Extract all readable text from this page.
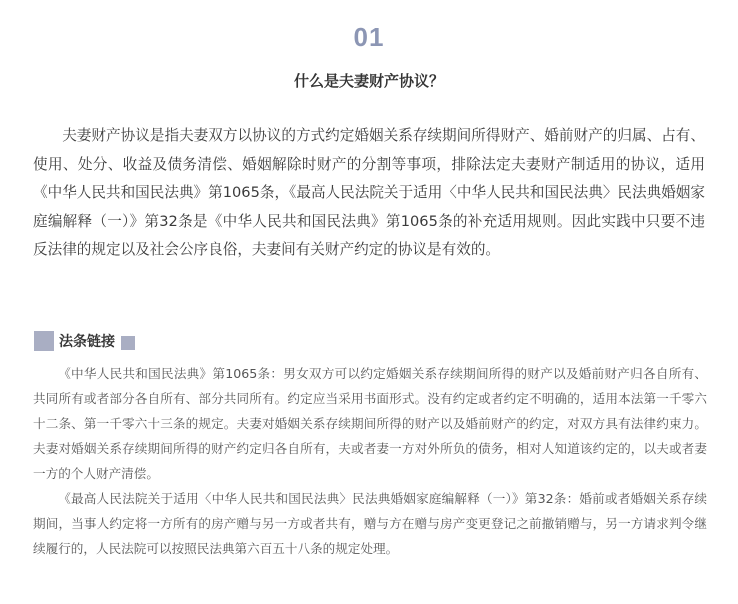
01
什么是夫妻财产协议？

夫妻财产协议是指夫妻双方以协议的方式约定婚姻关系存续期间所得财产、婚前财产的归属、占有、使用、处分、收益及债务清偿、婚姻解除时财产的分割等事项，排除法定夫妻财产制适用的协议，适用《中华人民共和国民法典》第1065条，《最高人民法院关于适用〈中华人民共和国民法典〉民法典婚姻家庭编解释（一）》第32条是《中华人民共和国民法典》第1065条的补充适用规则。因此实践中只要不违反法律的规定以及社会公序良俗，夫妻间有关财产约定的协议是有效的。

法条链接

《中华人民共和国民法典》第1065条：男女双方可以约定婚姻关系存续期间所得的财产以及婚前财产归各自所有、共同所有或者部分各自所有、部分共同所有。约定应当采用书面形式。没有约定或者约定不明确的，适用本法第一千零六十二条、第一千零六十三条的规定。夫妻对婚姻关系存续期间所得的财产以及婚前财产的约定，对双方具有法律约束力。夫妻对婚姻关系存续期间所得的财产约定归各自所有，夫或者妻一方对外所负的债务，相对人知道该约定的，以夫或者妻一方的个人财产清偿。

《最高人民法院关于适用〈中华人民共和国民法典〉民法典婚姻家庭编解释（一）》第32条：婚前或者婚姻关系存续期间，当事人约定将一方所有的房产赠与另一方或者共有，赠与方在赠与房产变更登记之前撤销赠与，另一方请求判令继续履行的，人民法院可以按照民法典第六百五十八条的规定处理。
